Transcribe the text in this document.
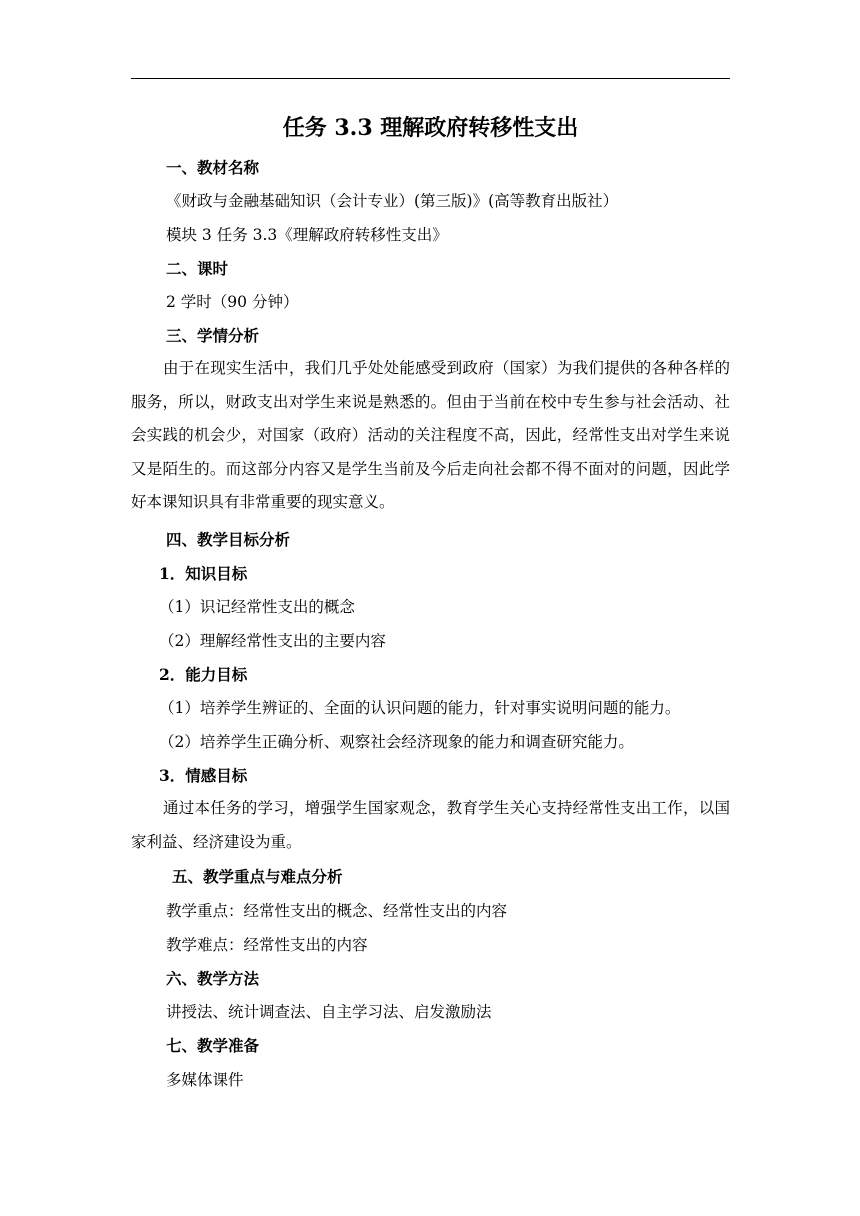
任务 3.3 理解政府转移性支出
一、教材名称
《财政与金融基础知识（会计专业）(第三版)》(高等教育出版社）
模块 3 任务 3.3《理解政府转移性支出》
二、课时
2 学时（90 分钟）
三、学情分析
由于在现实生活中，我们几乎处处能感受到政府（国家）为我们提供的各种各样的服务，所以，财政支出对学生来说是熟悉的。但由于当前在校中专生参与社会活动、社会实践的机会少，对国家（政府）活动的关注程度不高，因此，经常性支出对学生来说又是陌生的。而这部分内容又是学生当前及今后走向社会都不得不面对的问题，因此学好本课知识具有非常重要的现实意义。
四、教学目标分析
1．知识目标
（1）识记经常性支出的概念
（2）理解经常性支出的主要内容
2．能力目标
（1）培养学生辨证的、全面的认识问题的能力，针对事实说明问题的能力。
（2）培养学生正确分析、观察社会经济现象的能力和调查研究能力。
3．情感目标
通过本任务的学习，增强学生国家观念，教育学生关心支持经常性支出工作，以国家利益、经济建设为重。
五、教学重点与难点分析
教学重点：经常性支出的概念、经常性支出的内容
教学难点：经常性支出的内容
六、教学方法
讲授法、统计调查法、自主学习法、启发激励法
七、教学准备
多媒体课件
